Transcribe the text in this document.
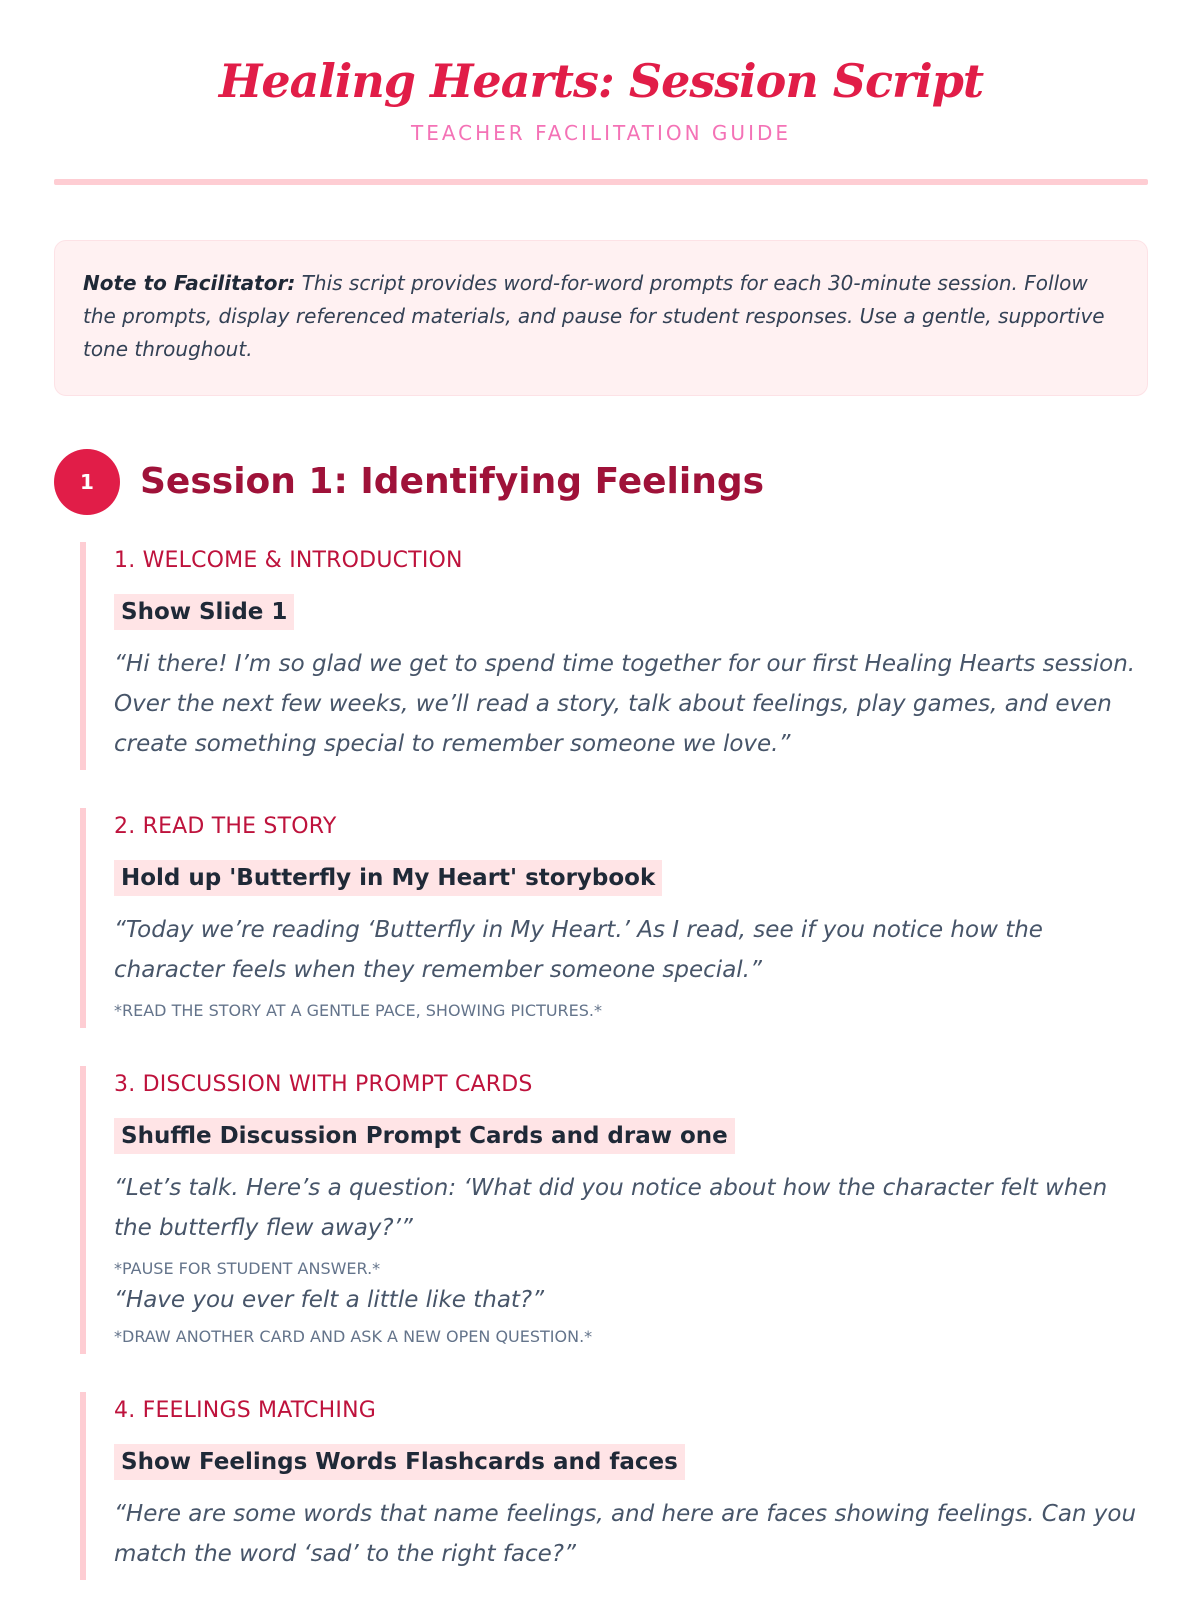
Healing Hearts: Session Script
TEACHER FACILITATION GUIDE
Note to Facilitator: This script provides word-for-word prompts for each 30-minute session. Follow the prompts, display referenced materials, and pause for student responses. Use a gentle, supportive tone throughout.
1	Session 1: Identifying Feelings
1. WELCOME & INTRODUCTION
Show Slide 1
“Hi there! I’m so glad we get to spend time together for our first Healing Hearts session. Over the next few weeks, we’ll read a story, talk about feelings, play games, and even create something special to remember someone we love.”
2. READ THE STORY
Hold up 'Butterfly in My Heart' storybook
“Today we’re reading ‘Butterfly in My Heart.’ As I read, see if you notice how the character feels when they remember someone special.”
*READ THE STORY AT A GENTLE PACE, SHOWING PICTURES.*
3. DISCUSSION WITH PROMPT CARDS
Shuffle Discussion Prompt Cards and draw one
“Let’s talk. Here’s a question: ‘What did you notice about how the character felt when the butterfly flew away?’”
*PAUSE FOR STUDENT ANSWER.*
“Have you ever felt a little like that?”
*DRAW ANOTHER CARD AND ASK A NEW OPEN QUESTION.*
4. FEELINGS MATCHING
Show Feelings Words Flashcards and faces
“Here are some words that name feelings, and here are faces showing feelings. Can you match the word ‘sad’ to the right face?”
